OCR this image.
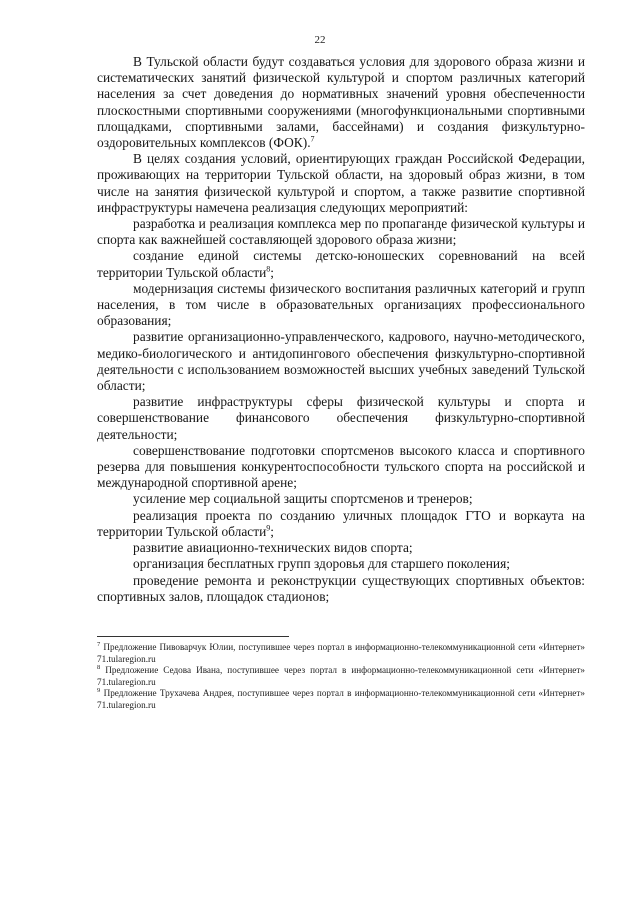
22

В Тульской области будут создаваться условия для здорового образа жизни и систематических занятий физической культурой и спортом различных категорий населения за счет доведения до нормативных значений уровня обеспеченности плоскостными спортивными сооружениями (многофункциональными спортивными площадками, спортивными залами, бассейнами) и создания физкультурно-оздоровительных комплексов (ФОК).$^7$

В целях создания условий, ориентирующих граждан Российской Федерации, проживающих на территории Тульской области, на здоровый образ жизни, в том числе на занятия физической культурой и спортом, а также развитие спортивной инфраструктуры намечена реализация следующих мероприятий:

разработка и реализация комплекса мер по пропаганде физической культуры и спорта как важнейшей составляющей здорового образа жизни;

создание единой системы детско-юношеских соревнований на всей территории Тульской области$^8$;

модернизация системы физического воспитания различных категорий и групп населения, в том числе в образовательных организациях профессионального образования;

развитие организационно-управленческого, кадрового, научно-методического, медико-биологического и антидопингового обеспечения физкультурно-спортивной деятельности с использованием возможностей высших учебных заведений Тульской области;

развитие инфраструктуры сферы физической культуры и спорта и совершенствование финансового обеспечения физкультурно-спортивной деятельности;

совершенствование подготовки спортсменов высокого класса и спортивного резерва для повышения конкурентоспособности тульского спорта на российской и международной спортивной арене;

усиление мер социальной защиты спортсменов и тренеров;

реализация проекта по созданию уличных площадок ГТО и воркаута на территории Тульской области$^9$;

развитие авиационно-технических видов спорта;

организация бесплатных групп здоровья для старшего поколения;

проведение ремонта и реконструкции существующих спортивных объектов: спортивных залов, площадок стадионов;

$^7$ Предложение Пивоварчук Юлии, поступившее через портал в информационно-телекоммуникационной сети «Интернет» 71.tularegion.ru

$^8$ Предложение Седова Ивана, поступившее через портал в информационно-телекоммуникационной сети «Интернет» 71.tularegion.ru

$^9$ Предложение Трухачева Андрея, поступившее через портал в информационно-телекоммуникационной сети «Интернет» 71.tularegion.ru
